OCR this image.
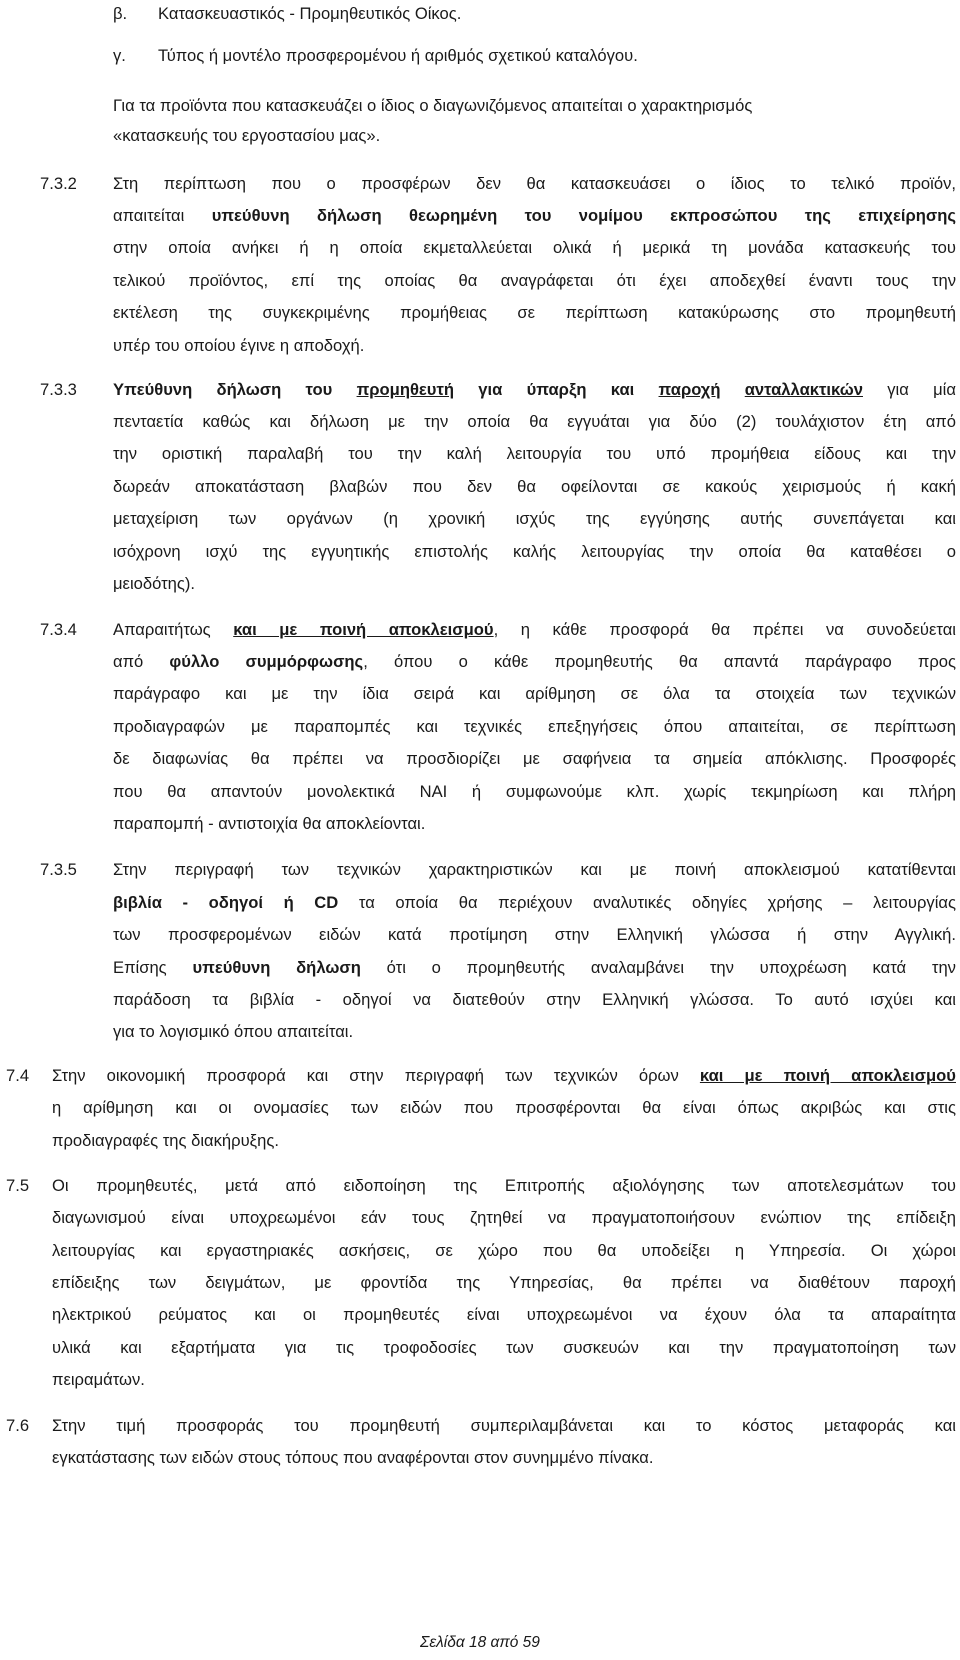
β. Κατασκευαστικός - Προμηθευτικός Οίκος.
γ. Τύπος ή μοντέλο προσφερομένου ή αριθμός σχετικού καταλόγου.
Για τα προϊόντα που κατασκευάζει ο ίδιος ο διαγωνιζόμενος απαιτείται ο χαρακτηρισμός
«κατασκευής του εργοστασίου μας».
7.3.2 Στη περίπτωση που ο προσφέρων δεν θα κατασκευάσει ο ίδιος το τελικό προϊόν,
απαιτείται υπεύθυνη δήλωση θεωρημένη του νομίμου εκπροσώπου της επιχείρησης
στην οποία ανήκει ή η οποία εκμεταλλεύεται ολικά ή μερικά τη μονάδα κατασκευής του
τελικού προϊόντος, επί της οποίας θα αναγράφεται ότι έχει αποδεχθεί έναντι τους την
εκτέλεση της συγκεκριμένης προμήθειας σε περίπτωση κατακύρωσης στο προμηθευτή
υπέρ του οποίου έγινε η αποδοχή.
7.3.3 Υπεύθυνη δήλωση του προμηθευτή για ύπαρξη και παροχή ανταλλακτικών για μία
πενταετία καθώς και δήλωση με την οποία θα εγγυάται για δύο (2) τουλάχιστον έτη από
την οριστική παραλαβή του την καλή λειτουργία του υπό προμήθεια είδους και την
δωρεάν αποκατάσταση βλαβών που δεν θα οφείλονται σε κακούς χειρισμούς ή κακή
μεταχείριση των οργάνων (η χρονική ισχύς της εγγύησης αυτής συνεπάγεται και
ισόχρονη ισχύ της εγγυητικής επιστολής καλής λειτουργίας την οποία θα καταθέσει ο
μειοδότης).
7.3.4 Απαραιτήτως και με ποινή αποκλεισμού, η κάθε προσφορά θα πρέπει να συνοδεύεται
από φύλλο συμμόρφωσης, όπου ο κάθε προμηθευτής θα απαντά παράγραφο προς
παράγραφο και με την ίδια σειρά και αρίθμηση σε όλα τα στοιχεία των τεχνικών
προδιαγραφών με παραπομπές και τεχνικές επεξηγήσεις όπου απαιτείται, σε περίπτωση
δε διαφωνίας θα πρέπει να προσδιορίζει με σαφήνεια τα σημεία απόκλισης. Προσφορές
που θα απαντούν μονολεκτικά ΝΑΙ ή συμφωνούμε κλπ. χωρίς τεκμηρίωση και πλήρη
παραπομπή - αντιστοιχία θα αποκλείονται.
7.3.5 Στην περιγραφή των τεχνικών χαρακτηριστικών και με ποινή αποκλεισμού κατατίθενται
βιβλία - οδηγοί ή CD τα οποία θα περιέχουν αναλυτικές οδηγίες χρήσης – λειτουργίας
των προσφερομένων ειδών κατά προτίμηση στην Ελληνική γλώσσα ή στην Αγγλική.
Επίσης υπεύθυνη δήλωση ότι ο προμηθευτής αναλαμβάνει την υποχρέωση κατά την
παράδοση τα βιβλία - οδηγοί να διατεθούν στην Ελληνική γλώσσα. Το αυτό ισχύει και
για το λογισμικό όπου απαιτείται.
7.4 Στην οικονομική προσφορά και στην περιγραφή των τεχνικών όρων και με ποινή αποκλεισμού
η αρίθμηση και οι ονομασίες των ειδών που προσφέρονται θα είναι όπως ακριβώς και στις
προδιαγραφές της διακήρυξης.
7.5 Οι προμηθευτές, μετά από ειδοποίηση της Επιτροπής αξιολόγησης των αποτελεσμάτων του
διαγωνισμού είναι υποχρεωμένοι εάν τους ζητηθεί να πραγματοποιήσουν ενώπιον της επίδειξη
λειτουργίας και εργαστηριακές ασκήσεις, σε χώρο που θα υποδείξει η Υπηρεσία. Οι χώροι
επίδειξης των δειγμάτων, με φροντίδα της Υπηρεσίας, θα πρέπει να διαθέτουν παροχή
ηλεκτρικού ρεύματος και οι προμηθευτές είναι υποχρεωμένοι να έχουν όλα τα απαραίτητα
υλικά και εξαρτήματα για τις τροφοδοσίες των συσκευών και την πραγματοποίηση των
πειραμάτων.
7.6 Στην τιμή προσφοράς του προμηθευτή συμπεριλαμβάνεται και το κόστος μεταφοράς και
εγκατάστασης των ειδών στους τόπους που αναφέρονται στον συνημμένο πίνακα.
Σελίδα 18 από 59
